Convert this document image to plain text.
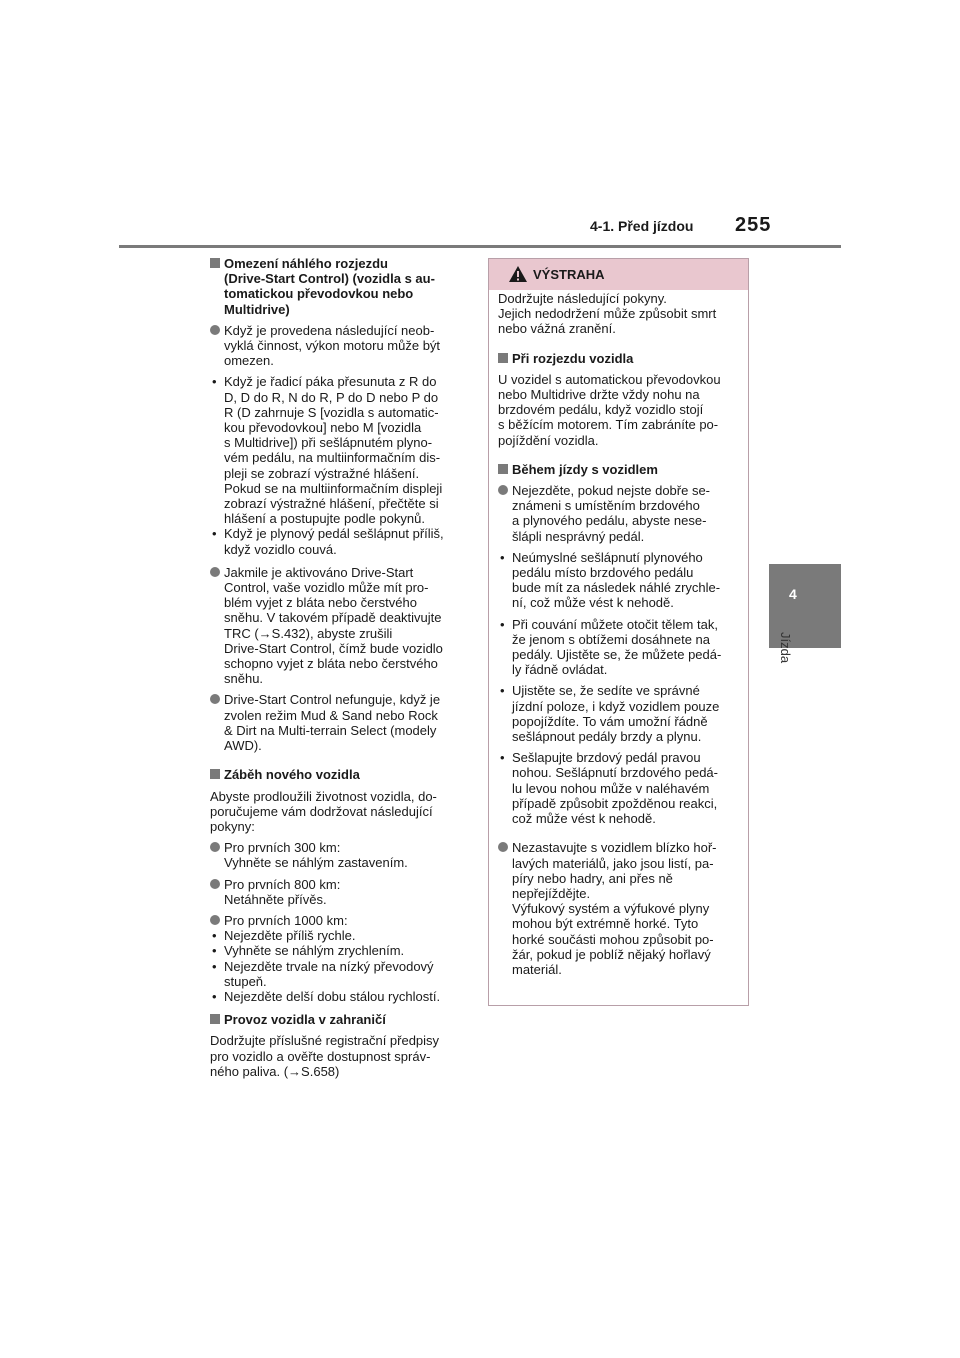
4-1. Před jízdou 255
4
Jízda
Omezení náhlého rozjezdu
(Drive-Start Control) (vozidla s au-
tomatickou převodovkou nebo
Multidrive)
Když je provedena následující neob-
vyklá činnost, výkon motoru může být
omezen.
• Když je řadicí páka přesunuta z R do
D, D do R, N do R, P do D nebo P do
R (D zahrnuje S [vozidla s automatic-
kou převodovkou] nebo M [vozidla
s Multidrive]) při sešlápnutém plyno-
vém pedálu, na multiinformačním dis-
pleji se zobrazí výstražné hlášení.
Pokud se na multiinformačním displeji
zobrazí výstražné hlášení, přečtěte si
hlášení a postupujte podle pokynů.
• Když je plynový pedál sešlápnut příliš,
když vozidlo couvá.
Jakmile je aktivováno Drive-Start
Control, vaše vozidlo může mít pro-
blém vyjet z bláta nebo čerstvého
sněhu. V takovém případě deaktivujte
TRC (→S.432), abyste zrušili
Drive-Start Control, čímž bude vozidlo
schopno vyjet z bláta nebo čerstvého
sněhu.
Drive-Start Control nefunguje, když je
zvolen režim Mud & Sand nebo Rock
& Dirt na Multi-terrain Select (modely
AWD).
Záběh nového vozidla
Abyste prodloužili životnost vozidla, do-
poručujeme vám dodržovat následující
pokyny:
Pro prvních 300 km:
Vyhněte se náhlým zastavením.
Pro prvních 800 km:
Netáhněte přívěs.
Pro prvních 1000 km:
• Nejezděte příliš rychle.
• Vyhněte se náhlým zrychlením.
• Nejezděte trvale na nízký převodový
stupeň.
• Nejezděte delší dobu stálou rychlostí.
Provoz vozidla v zahraničí
Dodržujte příslušné registrační předpisy
pro vozidlo a ověřte dostupnost správ-
ného paliva. (→S.658)
VÝSTRAHA
Dodržujte následující pokyny.
Jejich nedodržení může způsobit smrt
nebo vážná zranění.
Při rozjezdu vozidla
U vozidel s automatickou převodovkou
nebo Multidrive držte vždy nohu na
brzdovém pedálu, když vozidlo stojí
s běžícím motorem. Tím zabráníte po-
pojíždění vozidla.
Během jízdy s vozidlem
Nejezděte, pokud nejste dobře se-
známeni s umístěním brzdového
a plynového pedálu, abyste nese-
šlápli nesprávný pedál.
• Neúmyslné sešlápnutí plynového
pedálu místo brzdového pedálu
bude mít za následek náhlé zrychle-
ní, což může vést k nehodě.
• Při couvání můžete otočit tělem tak,
že jenom s obtížemi dosáhnete na
pedály. Ujistěte se, že můžete pedá-
ly řádně ovládat.
• Ujistěte se, že sedíte ve správné
jízdní poloze, i když vozidlem pouze
popojíždíte. To vám umožní řádně
sešlápnout pedály brzdy a plynu.
• Sešlapujte brzdový pedál pravou
nohou. Sešlápnutí brzdového pedá-
lu levou nohou může v naléhavém
případě způsobit zpožděnou reakci,
což může vést k nehodě.
Nezastavujte s vozidlem blízko hoř-
lavých materiálů, jako jsou listí, pa-
píry nebo hadry, ani přes ně
nepřejíždějte.
Výfukový systém a výfukové plyny
mohou být extrémně horké. Tyto
horké součásti mohou způsobit po-
žár, pokud je poblíž nějaký hořlavý
materiál.
